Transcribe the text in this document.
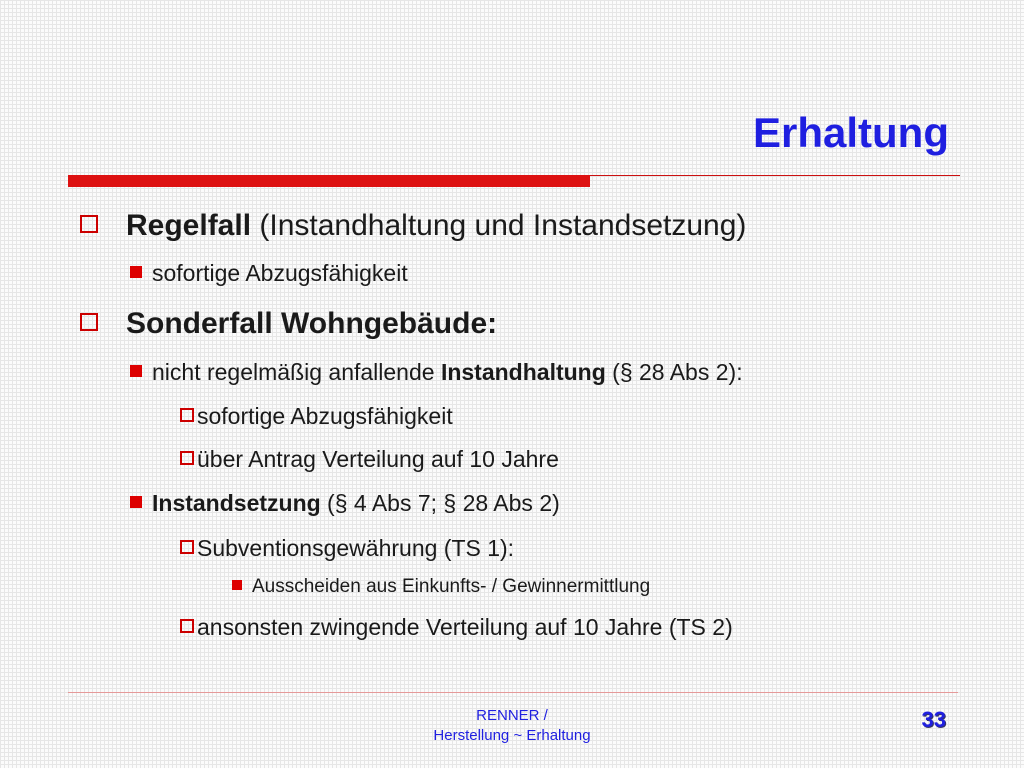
Erhaltung
Regelfall (Instandhaltung und Instandsetzung)
sofortige Abzugsfähigkeit
Sonderfall Wohngebäude:
nicht regelmäßig anfallende Instandhaltung (§ 28 Abs 2):
sofortige Abzugsfähigkeit
über Antrag Verteilung auf 10 Jahre
Instandsetzung (§ 4 Abs 7; § 28 Abs 2)
Subventionsgewährung (TS 1):
Ausscheiden aus Einkunfts- / Gewinnermittlung
ansonsten zwingende Verteilung auf 10 Jahre (TS 2)
RENNER /
Herstellung ~ Erhaltung
33
